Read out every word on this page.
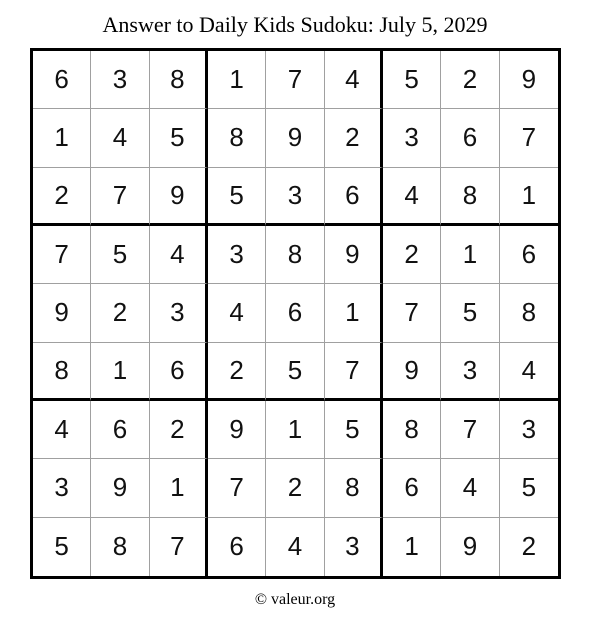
Answer to Daily Kids Sudoku: July 5, 2029
6	3	8	1	7	4	5	2	9
1	4	5	8	9	2	3	6	7
2	7	9	5	3	6	4	8	1
7	5	4	3	8	9	2	1	6
9	2	3	4	6	1	7	5	8
8	1	6	2	5	7	9	3	4
4	6	2	9	1	5	8	7	3
3	9	1	7	2	8	6	4	5
5	8	7	6	4	3	1	9	2
© valeur.org
